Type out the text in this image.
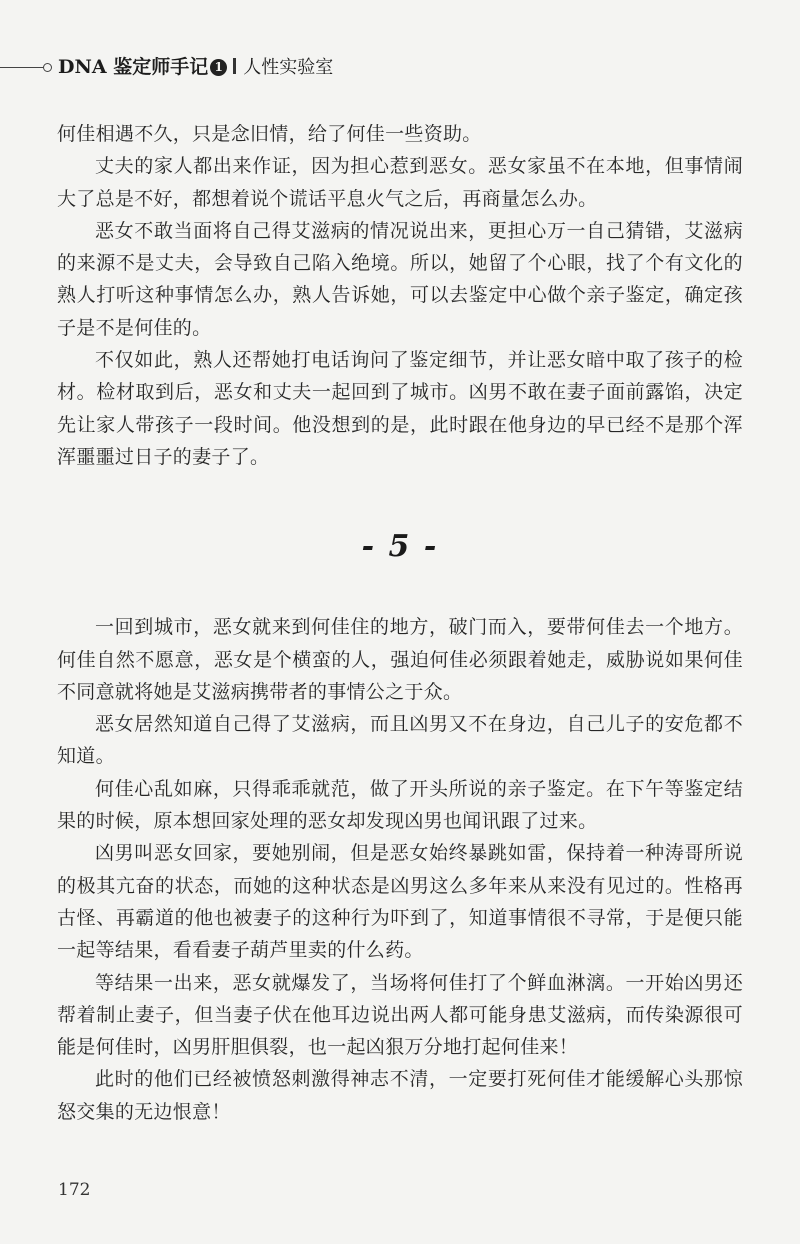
DNA 鉴定师手记 1 人性实验室

何佳相遇不久，只是念旧情，给了何佳一些资助。

丈夫的家人都出来作证，因为担心惹到恶女。恶女家虽不在本地，但事情闹大了总是不好，都想着说个谎话平息火气之后，再商量怎么办。

恶女不敢当面将自己得艾滋病的情况说出来，更担心万一自己猜错，艾滋病的来源不是丈夫，会导致自己陷入绝境。所以，她留了个心眼，找了个有文化的熟人打听这种事情怎么办，熟人告诉她，可以去鉴定中心做个亲子鉴定，确定孩子是不是何佳的。

不仅如此，熟人还帮她打电话询问了鉴定细节，并让恶女暗中取了孩子的检材。检材取到后，恶女和丈夫一起回到了城市。凶男不敢在妻子面前露馅，决定先让家人带孩子一段时间。他没想到的是，此时跟在他身边的早已经不是那个浑浑噩噩过日子的妻子了。

- 5 -

一回到城市，恶女就来到何佳住的地方，破门而入，要带何佳去一个地方。何佳自然不愿意，恶女是个横蛮的人，强迫何佳必须跟着她走，威胁说如果何佳不同意就将她是艾滋病携带者的事情公之于众。

恶女居然知道自己得了艾滋病，而且凶男又不在身边，自己儿子的安危都不知道。

何佳心乱如麻，只得乖乖就范，做了开头所说的亲子鉴定。在下午等鉴定结果的时候，原本想回家处理的恶女却发现凶男也闻讯跟了过来。

凶男叫恶女回家，要她别闹，但是恶女始终暴跳如雷，保持着一种涛哥所说的极其亢奋的状态，而她的这种状态是凶男这么多年来从来没有见过的。性格再古怪、再霸道的他也被妻子的这种行为吓到了，知道事情很不寻常，于是便只能一起等结果，看看妻子葫芦里卖的什么药。

等结果一出来，恶女就爆发了，当场将何佳打了个鲜血淋漓。一开始凶男还帮着制止妻子，但当妻子伏在他耳边说出两人都可能身患艾滋病，而传染源很可能是何佳时，凶男肝胆俱裂，也一起凶狠万分地打起何佳来！

此时的他们已经被愤怒刺激得神志不清，一定要打死何佳才能缓解心头那惊怒交集的无边恨意！

172
